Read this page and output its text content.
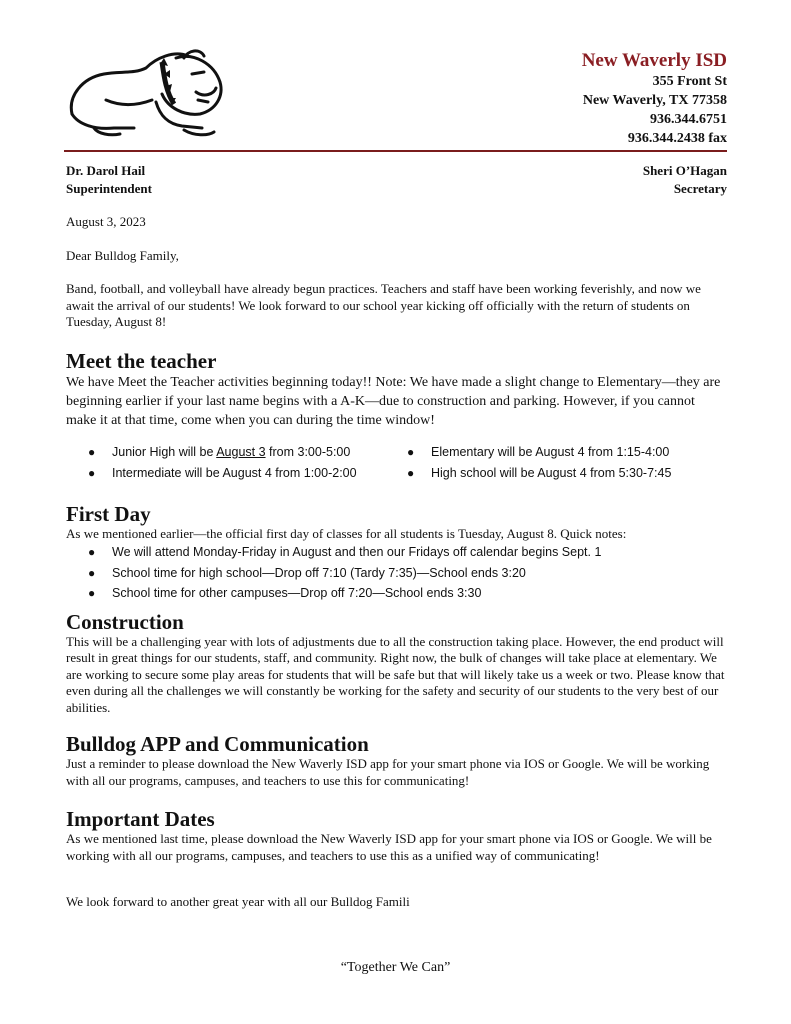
New Waverly ISD
355 Front St
New Waverly, TX 77358
936.344.6751
936.344.2438 fax
Dr. Darol Hail
Superintendent
Sheri O’Hagan
Secretary

August 3, 2023

Dear Bulldog Family,

Band, football, and volleyball have already begun practices. Teachers and staff have been working feverishly, and now we await the arrival of our students! We look forward to our school year kicking off officially with the return of students on Tuesday, August 8!

Meet the teacher

We have Meet the Teacher activities beginning today!! Note: We have made a slight change to Elementary—they are beginning earlier if your last name begins with a A-K—due to construction and parking. However, if you cannot make it at that time, come when you can during the time window!

● Junior High will be August 3 from 3:00-5:00
● Intermediate will be August 4 from 1:00-2:00
● Elementary will be August 4 from 1:15-4:00
● High school will be August 4 from 5:30-7:45
First Day

As we mentioned earlier—the official first day of classes for all students is Tuesday, August 8. Quick notes:

● We will attend Monday-Friday in August and then our Fridays off calendar begins Sept. 1
● School time for high school—Drop off 7:10 (Tardy 7:35)—School ends 3:20
● School time for other campuses—Drop off 7:20—School ends 3:30
Construction

This will be a challenging year with lots of adjustments due to all the construction taking place. However, the end product will result in great things for our students, staff, and community. Right now, the bulk of changes will take place at elementary. We are working to secure some play areas for students that will be safe but that will likely take us a week or two. Please know that even during all the challenges we will constantly be working for the safety and security of our students to the very best of our abilities.

Bulldog APP and Communication

Just a reminder to please download the New Waverly ISD app for your smart phone via IOS or Google. We will be working with all our programs, campuses, and teachers to use this for communicating!

Important Dates

As we mentioned last time, please download the New Waverly ISD app for your smart phone via IOS or Google. We will be working with all our programs, campuses, and teachers to use this as a unified way of communicating!

We look forward to another great year with all our Bulldog Famili

“Together We Can”
